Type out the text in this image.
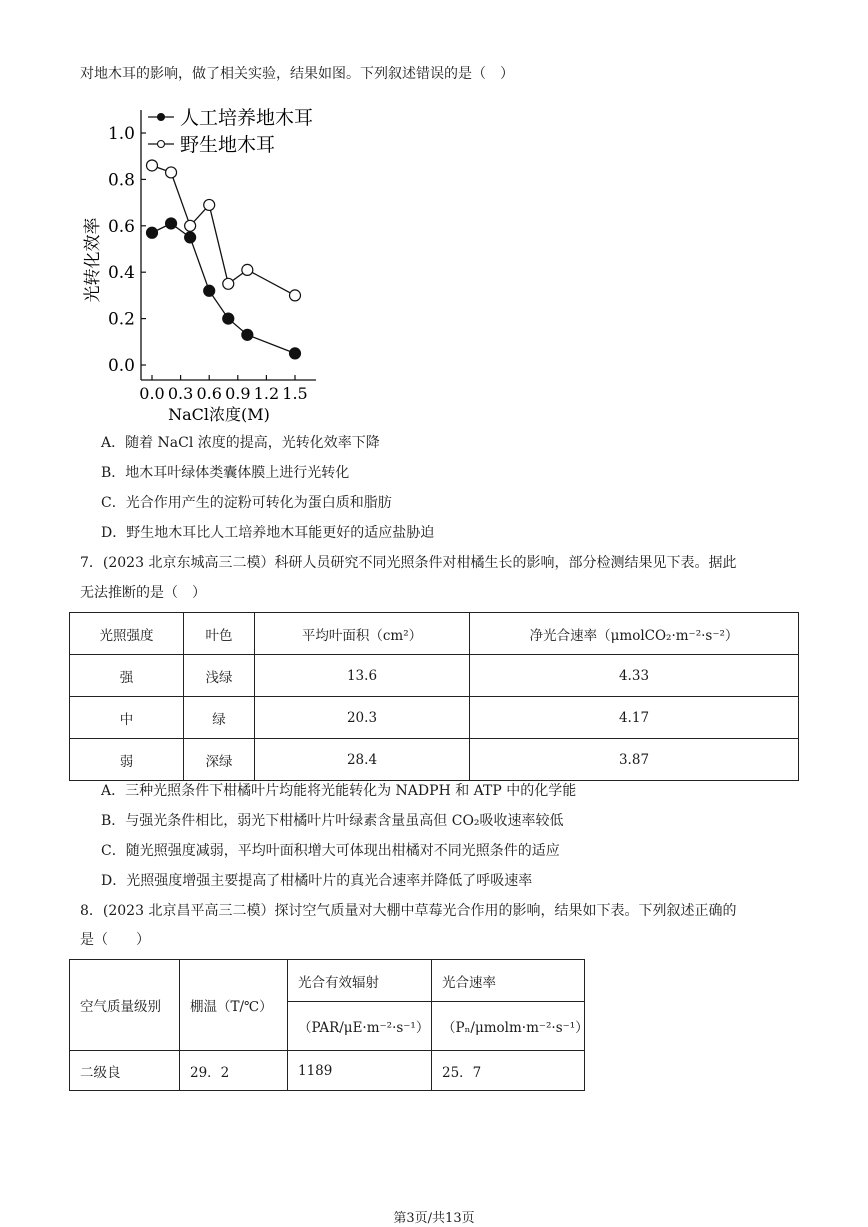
对地木耳的影响，做了相关实验，结果如图。下列叙述错误的是（　）
0.0
0.2
0.4
0.6
0.8
1.0
0.0 0.3 0.6 0.9 1.2 1.5
人工培养地木耳
野生地木耳
光转化效率
NaCl浓度(M)
A．随着 NaCl 浓度的提高，光转化效率下降
B．地木耳叶绿体类囊体膜上进行光转化
C．光合作用产生的淀粉可转化为蛋白质和脂肪
D．野生地木耳比人工培养地木耳能更好的适应盐胁迫
7．(2023 北京东城高三二模）科研人员研究不同光照条件对柑橘生长的影响，部分检测结果见下表。据此
无法推断的是（　）
光照强度	叶色	平均叶面积（cm²）	净光合速率（μmolCO₂·m⁻²·s⁻²）
强	浅绿	13.6	4.33
中	绿	20.3	4.17
弱	深绿	28.4	3.87
A．三种光照条件下柑橘叶片均能将光能转化为 NADPH 和 ATP 中的化学能
B．与强光条件相比，弱光下柑橘叶片叶绿素含量虽高但 CO₂吸收速率较低
C．随光照强度减弱，平均叶面积增大可体现出柑橘对不同光照条件的适应
D．光照强度增强主要提高了柑橘叶片的真光合速率并降低了呼吸速率
8．(2023 北京昌平高三二模）探讨空气质量对大棚中草莓光合作用的影响，结果如下表。下列叙述正确的
是（　　）
空气质量级别	棚温（T/℃）	光合有效辐射	光合速率
		（PAR/μE·m⁻²·s⁻¹）	（Pₙ/μmolm·m⁻²·s⁻¹）
二级良	29．2	1189	25．7
第3页/共13页
